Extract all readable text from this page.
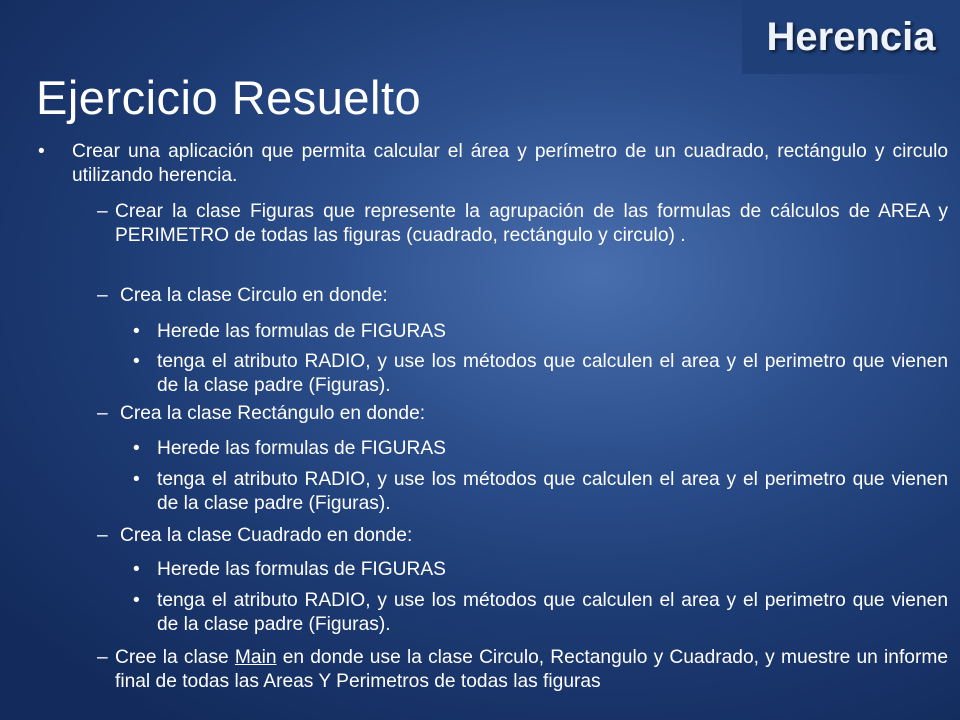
Herencia
Ejercicio Resuelto
• Crear una aplicación que permita calcular el área y perímetro de un cuadrado, rectángulo y circulo utilizando herencia.
– Crear la clase Figuras que represente la agrupación de las formulas de cálculos de AREA y PERIMETRO de todas las figuras (cuadrado, rectángulo y circulo) .
– Crea la clase Circulo en donde:
• Herede las formulas de FIGURAS
• tenga el atributo RADIO, y use los métodos que calculen el area y el perimetro que vienen de la clase padre (Figuras).
– Crea la clase Rectángulo en donde:
• Herede las formulas de FIGURAS
• tenga el atributo RADIO, y use los métodos que calculen el area y el perimetro que vienen de la clase padre (Figuras).
– Crea la clase Cuadrado en donde:
• Herede las formulas de FIGURAS
• tenga el atributo RADIO, y use los métodos que calculen el area y el perimetro que vienen de la clase padre (Figuras).
– Cree la clase Main en donde use la clase Circulo, Rectangulo y Cuadrado, y muestre un informe final de todas las Areas Y Perimetros de todas las figuras
